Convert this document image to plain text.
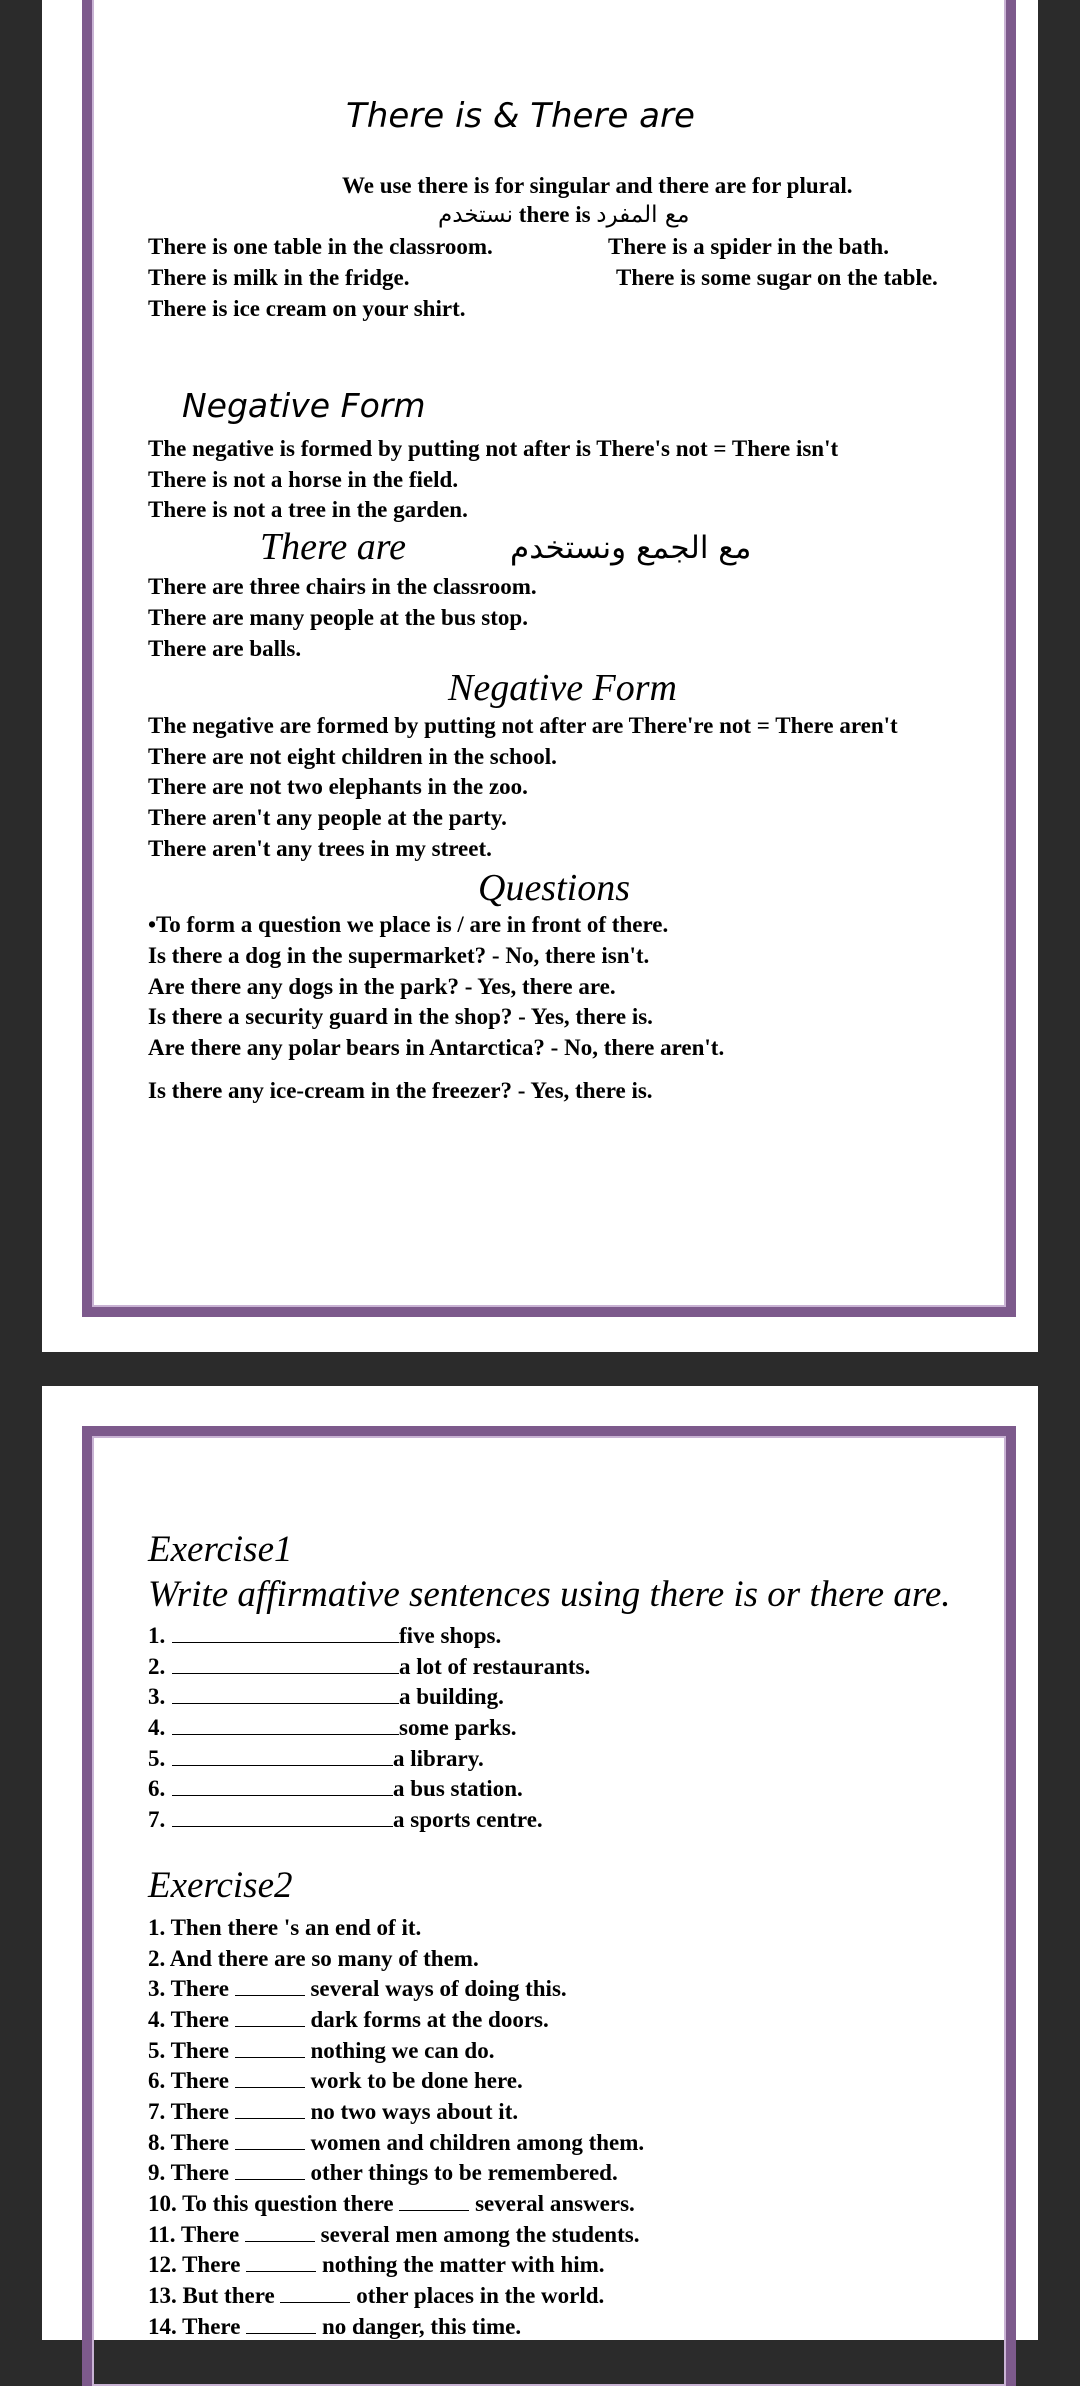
There is & There are
We use there is for singular and there are for plural.
نستخدم there is مع المفرد
There is one table in the classroom.
There is milk in the fridge.
There is ice cream on your shirt.
There is a spider in the bath.
There is some sugar on the table.
Negative Form
The negative is formed by putting not after is There's not = There isn't
There is not a horse in the field.
There is not a tree in the garden.
There are	مع الجمع ونستخدم
There are three chairs in the classroom.
There are many people at the bus stop.
There are balls.
Negative Form
The negative are formed by putting not after are There're not = There aren't
There are not eight children in the school.
There are not two elephants in the zoo.
There aren't any people at the party.
There aren't any trees in my street.
Questions
•To form a question we place is / are in front of there.
Is there a dog in the supermarket? - No, there isn't.
Are there any dogs in the park? - Yes, there are.
Is there a security guard in the shop? - Yes, there is.
Are there any polar bears in Antarctica? - No, there aren't.
Is there any ice-cream in the freezer? - Yes, there is.
Exercise1
Write affirmative sentences using there is or there are.
1.	five shops.
2.	a lot of restaurants.
3.	a building.
4.	some parks.
5.	a library.
6.	a bus station.
7.	a sports centre.
Exercise2
1. Then there 's an end of it.
2. And there are so many of them.
3. There	several ways of doing this.
4. There	dark forms at the doors.
5. There	nothing we can do.
6. There	work to be done here.
7. There	no two ways about it.
8. There	women and children among them.
9. There	other things to be remembered.
10. To this question there	several answers.
11. There	several men among the students.
12. There	nothing the matter with him.
13. But there	other places in the world.
14. There	no danger, this time.
